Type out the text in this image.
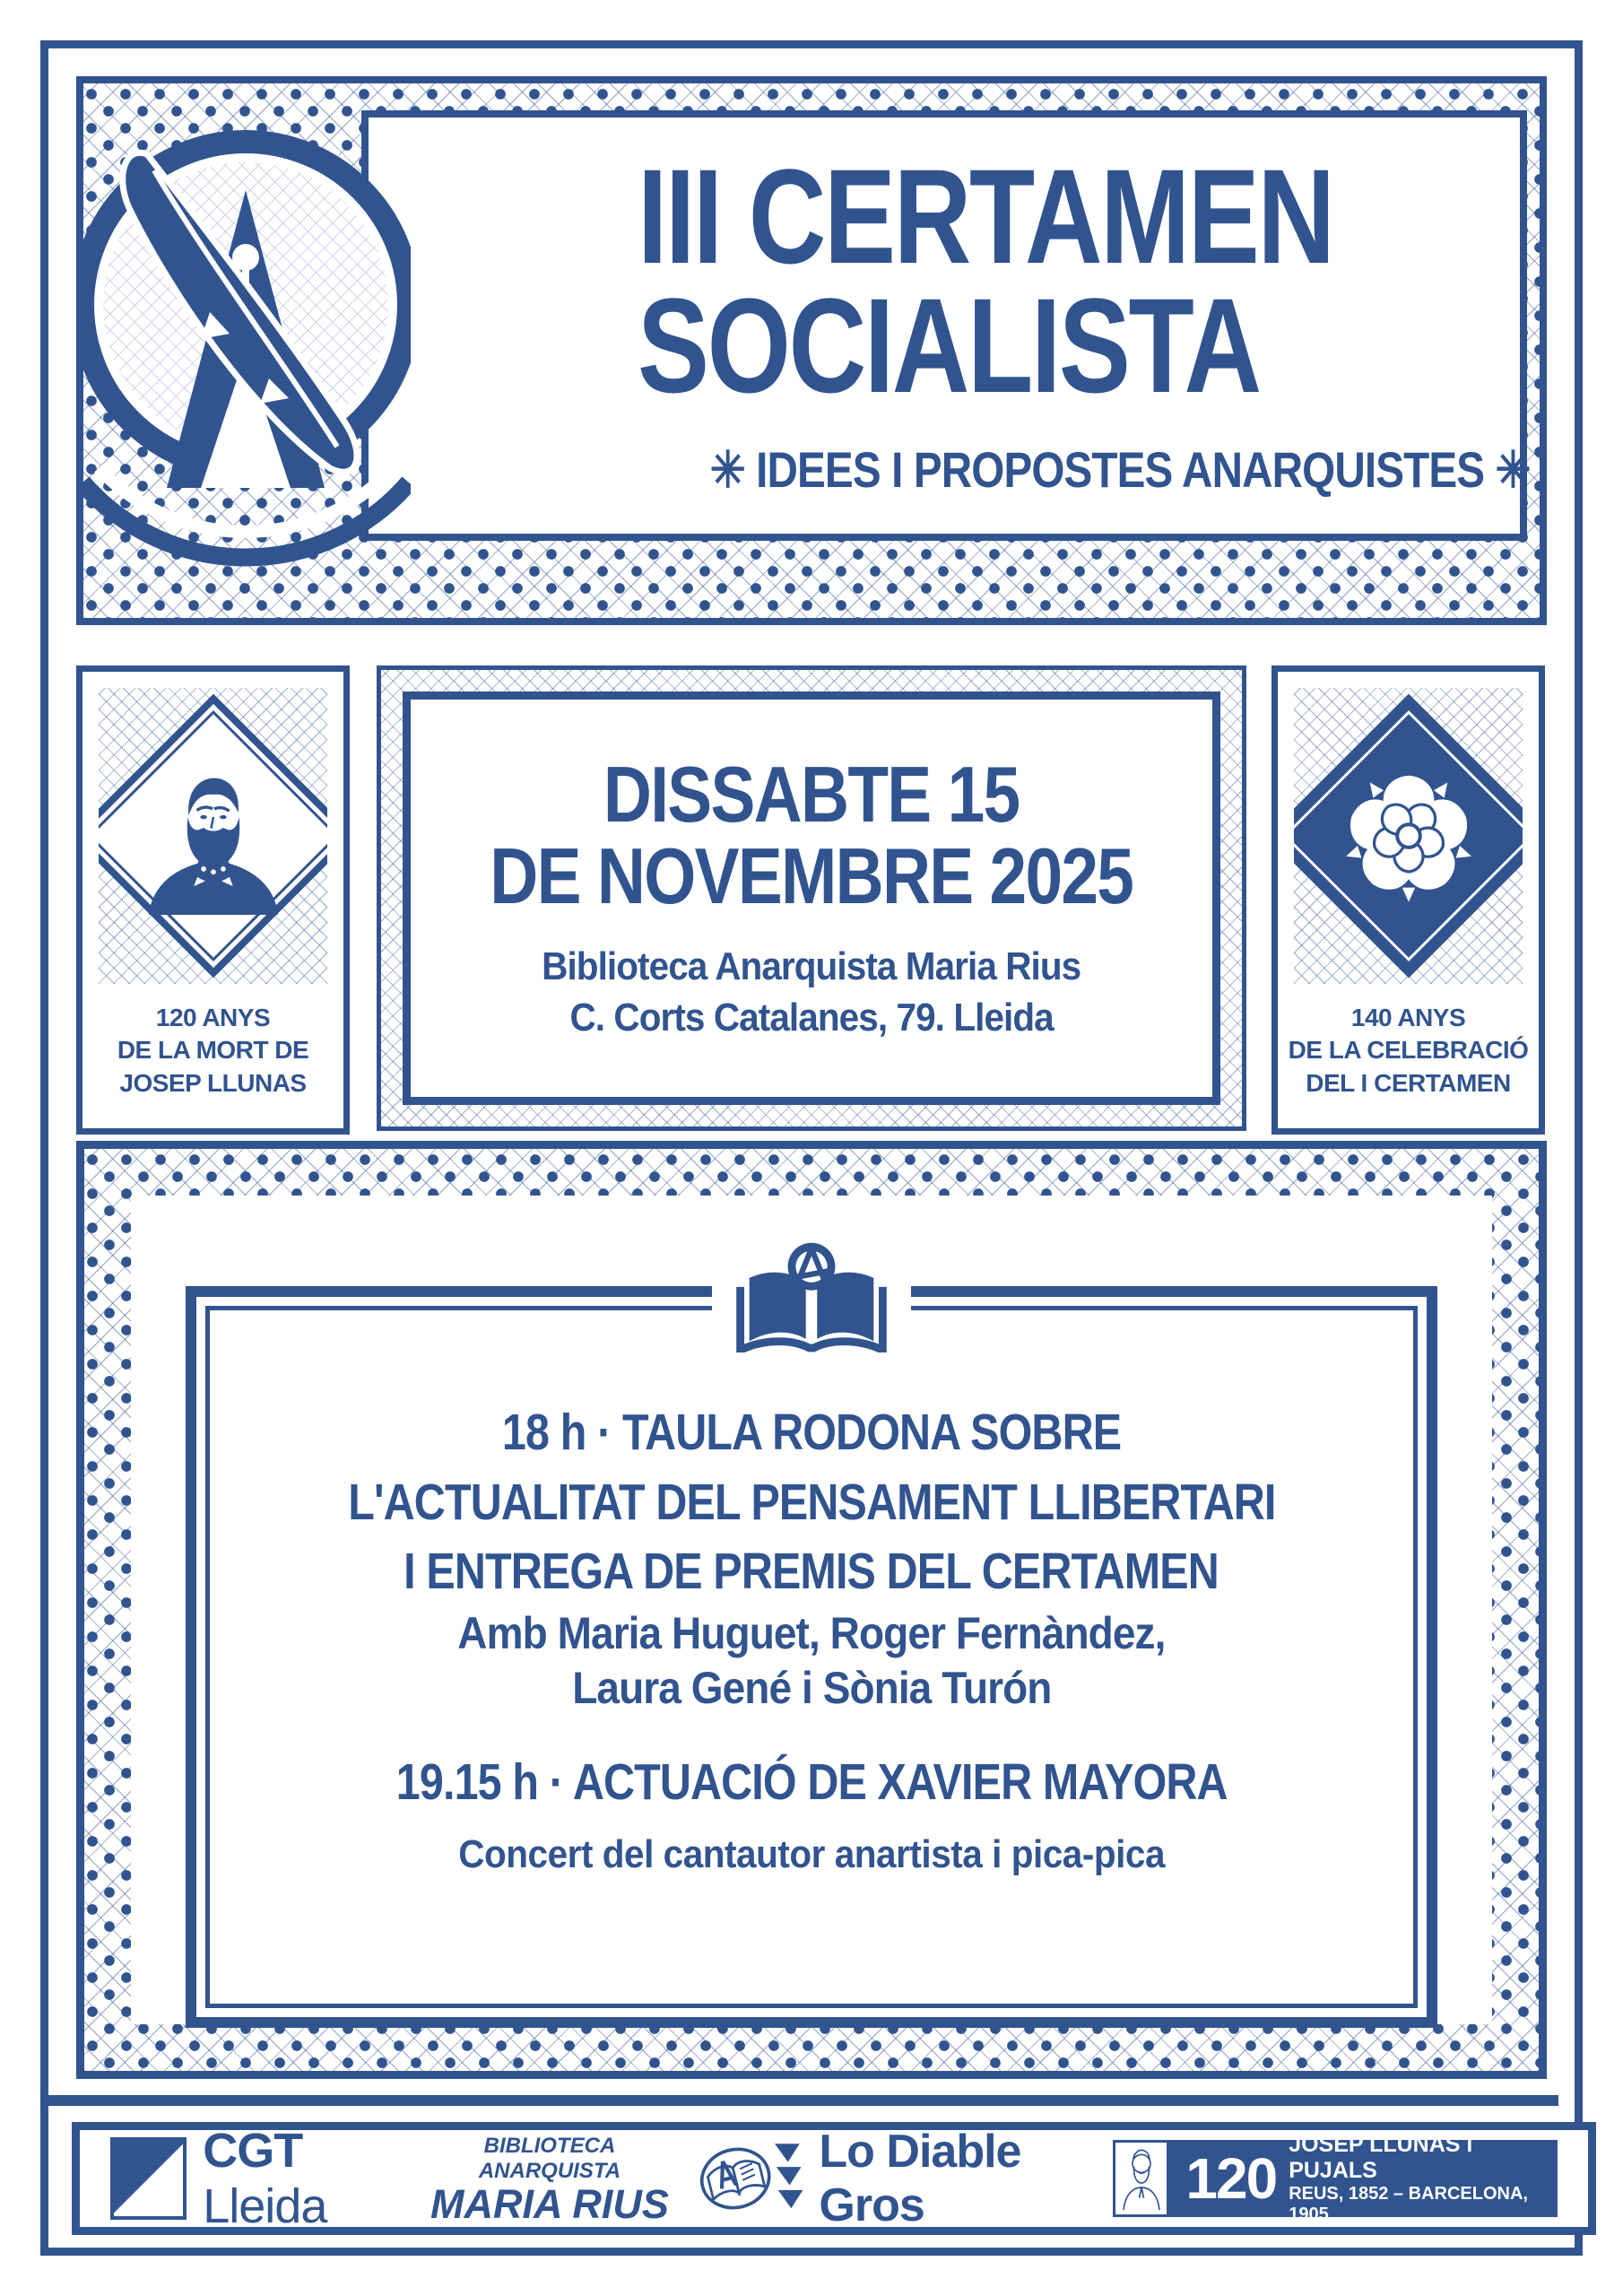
III CERTAMEN
SOCIALISTA
✳ IDEES I PROPOSTES ANARQUISTES ✳
120 ANYS
DE LA MORT DE
JOSEP LLUNAS
DISSABTE 15
DE NOVEMBRE 2025
Biblioteca Anarquista Maria Rius
C. Corts Catalanes, 79. Lleida	140 ANYS
DE LA CELEBRACIÓ
DEL I CERTAMEN
18 h · TAULA RODONA SOBRE
L'ACTUALITAT DEL PENSAMENT LLIBERTARI
I ENTREGA DE PREMIS DEL CERTAMEN
Amb Maria Huguet, Roger Fernàndez,
Laura Gené i Sònia Turón
19.15 h · ACTUACIÓ DE XAVIER MAYORA
Concert del cantautor anartista i pica-pica
CGT Lleida
BIBLIOTECA ANARQUISTA
MARIA RIUS
Lo Diable Gros	120
JOSEP LLUNAS i PUJALS
REUS, 1852 – BARCELONA, 1905
